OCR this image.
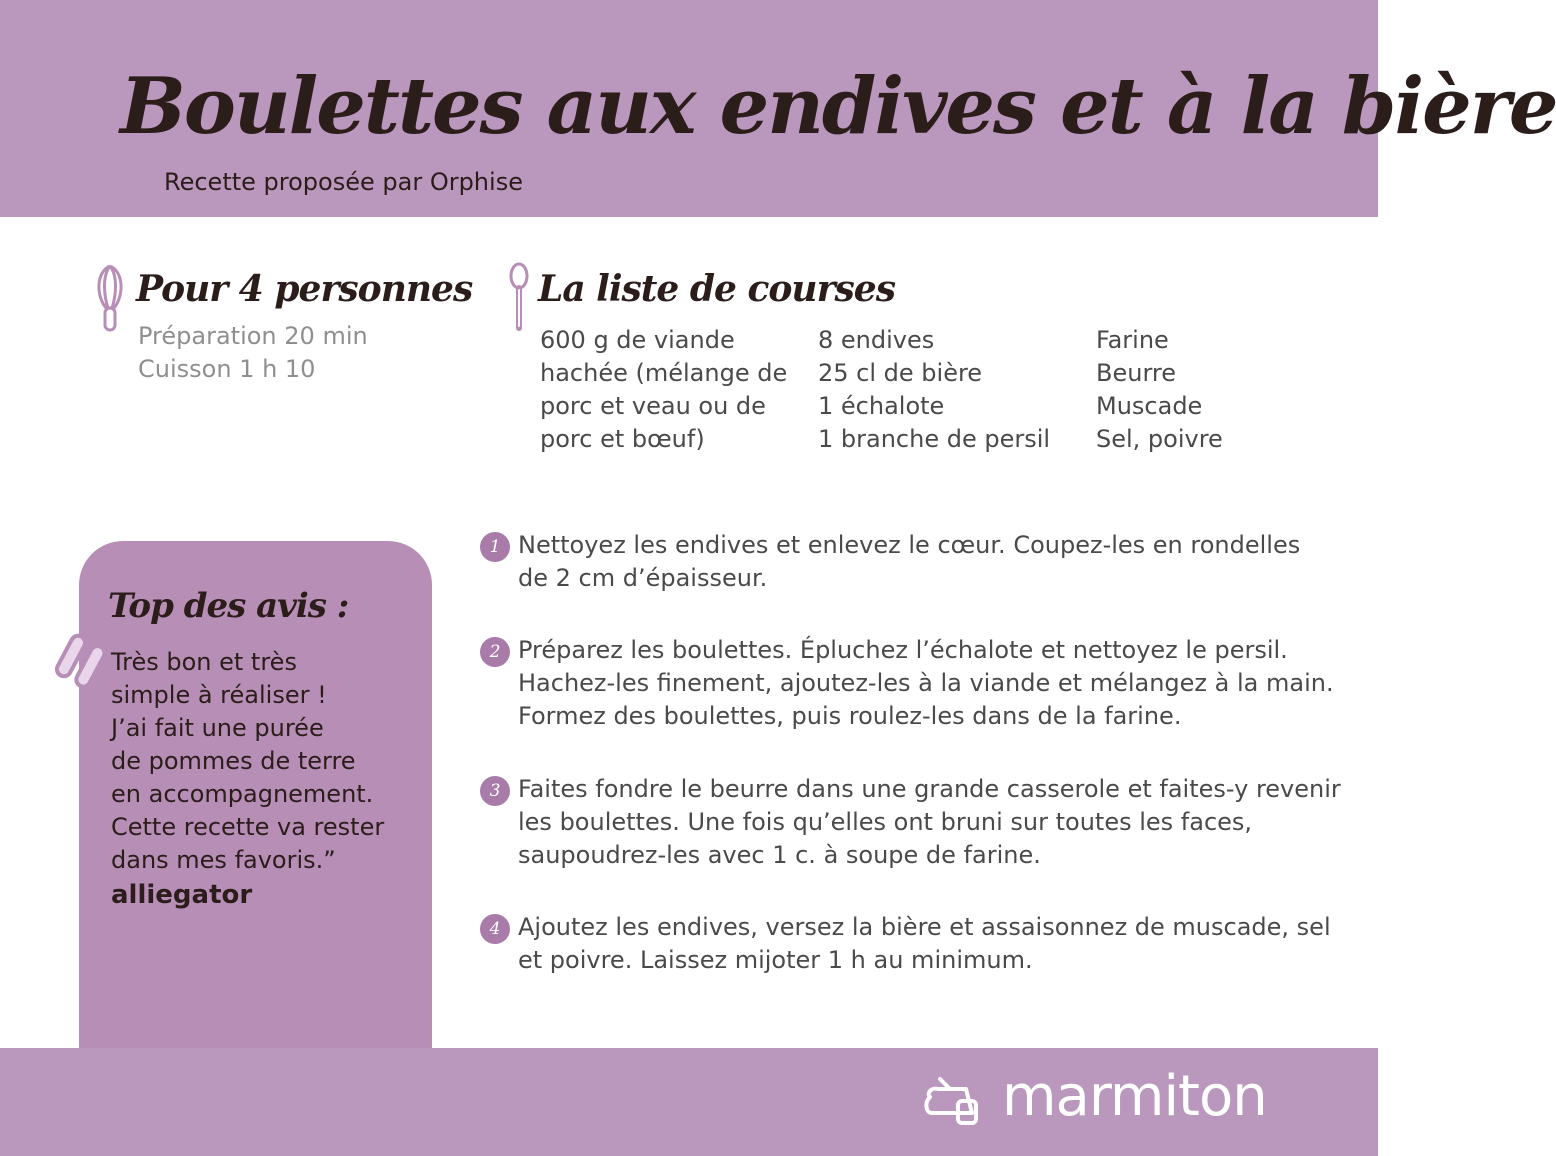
Boulettes aux endives et à la bière
Recette proposée par Orphise
Pour 4 personnes
Préparation 20 min
Cuisson 1 h 10
La liste de courses
600 g de viande
hachée (mélange de
porc et veau ou de
porc et bœuf)
8 endives
25 cl de bière
1 échalote
1 branche de persil
Farine
Beurre
Muscade
Sel, poivre
Top des avis :
Très bon et très
simple à réaliser !
J’ai fait une purée
de pommes de terre
en accompagnement.
Cette recette va rester
dans mes favoris.”
alliegator
1 Nettoyez les endives et enlevez le cœur. Coupez-les en rondelles
de 2 cm d’épaisseur.
2 Préparez les boulettes. Épluchez l’échalote et nettoyez le persil.
Hachez-les finement, ajoutez-les à la viande et mélangez à la main.
Formez des boulettes, puis roulez-les dans de la farine.
3 Faites fondre le beurre dans une grande casserole et faites-y revenir
les boulettes. Une fois qu’elles ont bruni sur toutes les faces,
saupoudrez-les avec 1 c. à soupe de farine.
4 Ajoutez les endives, versez la bière et assaisonnez de muscade, sel
et poivre. Laissez mijoter 1 h au minimum.
marmiton
